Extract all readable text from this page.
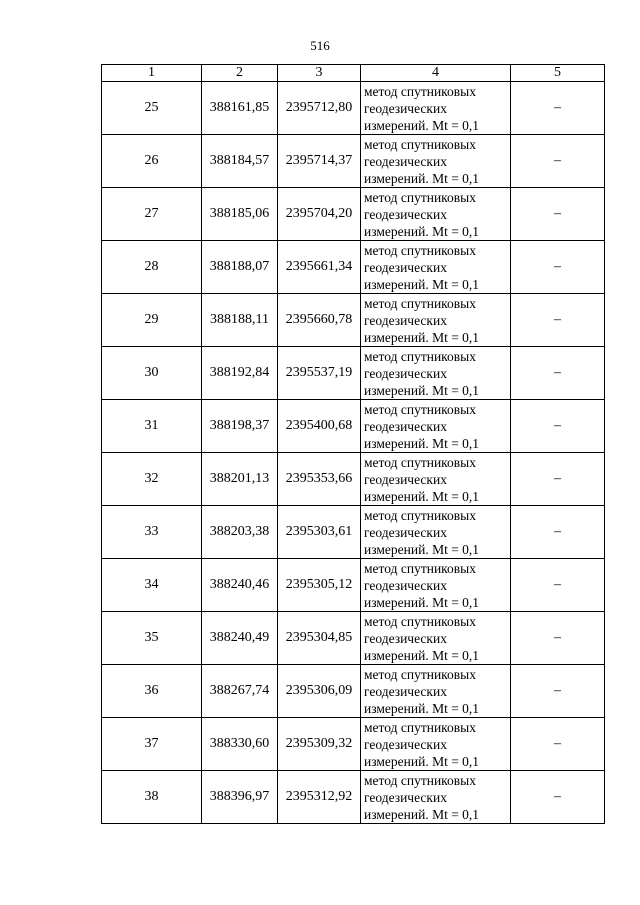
516
1	2	3	4	5
25	388161,85	2395712,80	метод спутниковых
геодезических
измерений. Mt = 0,1	–
26	388184,57	2395714,37	метод спутниковых
геодезических
измерений. Mt = 0,1	–
27	388185,06	2395704,20	метод спутниковых
геодезических
измерений. Mt = 0,1	–
28	388188,07	2395661,34	метод спутниковых
геодезических
измерений. Mt = 0,1	–
29	388188,11	2395660,78	метод спутниковых
геодезических
измерений. Mt = 0,1	–
30	388192,84	2395537,19	метод спутниковых
геодезических
измерений. Mt = 0,1	–
31	388198,37	2395400,68	метод спутниковых
геодезических
измерений. Mt = 0,1	–
32	388201,13	2395353,66	метод спутниковых
геодезических
измерений. Mt = 0,1	–
33	388203,38	2395303,61	метод спутниковых
геодезических
измерений. Mt = 0,1	–
34	388240,46	2395305,12	метод спутниковых
геодезических
измерений. Mt = 0,1	–
35	388240,49	2395304,85	метод спутниковых
геодезических
измерений. Mt = 0,1	–
36	388267,74	2395306,09	метод спутниковых
геодезических
измерений. Mt = 0,1	–
37	388330,60	2395309,32	метод спутниковых
геодезических
измерений. Mt = 0,1	–
38	388396,97	2395312,92	метод спутниковых
геодезических
измерений. Mt = 0,1	–
